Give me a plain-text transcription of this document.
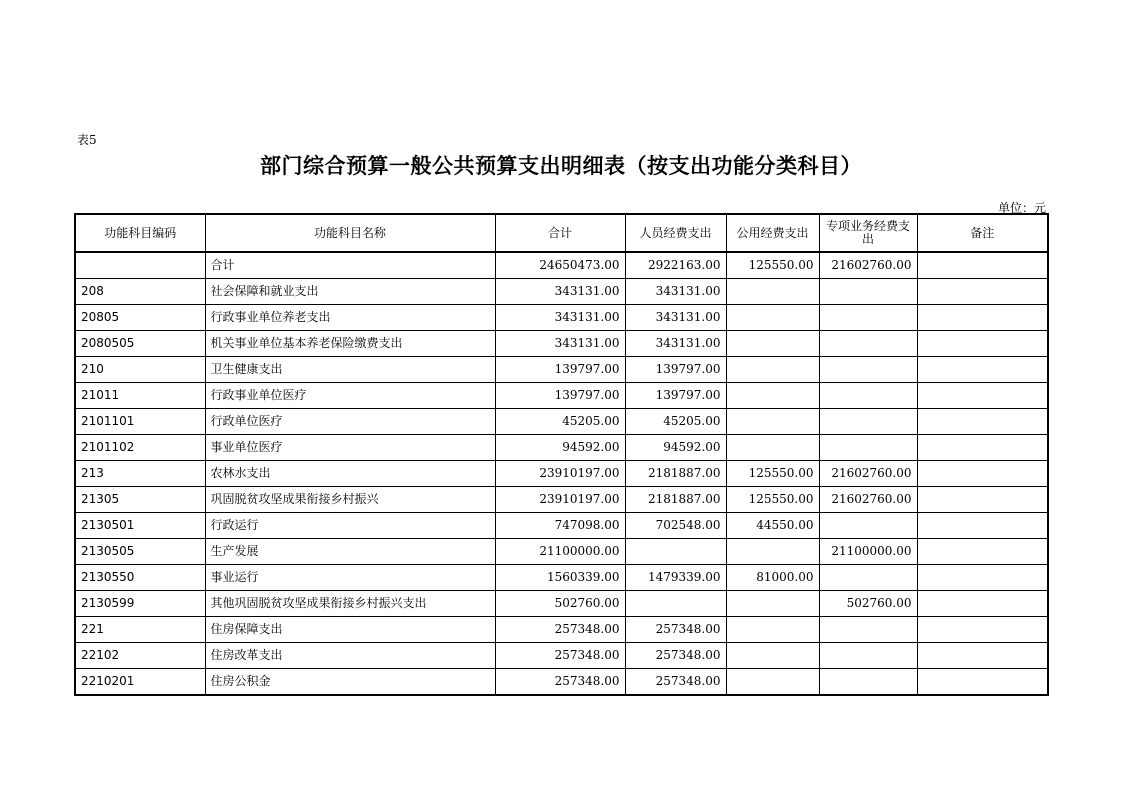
表5
部门综合预算一般公共预算支出明细表（按支出功能分类科目）
单位：元
功能科目编码	功能科目名称	合计	人员经费支出	公用经费支出	专项业务经费支出	备注
	合计	24650473.00	2922163.00	125550.00	21602760.00	
208	社会保障和就业支出	343131.00	343131.00			
20805	行政事业单位养老支出	343131.00	343131.00			
2080505	机关事业单位基本养老保险缴费支出	343131.00	343131.00			
210	卫生健康支出	139797.00	139797.00			
21011	行政事业单位医疗	139797.00	139797.00			
2101101	行政单位医疗	45205.00	45205.00			
2101102	事业单位医疗	94592.00	94592.00			
213	农林水支出	23910197.00	2181887.00	125550.00	21602760.00	
21305	巩固脱贫攻坚成果衔接乡村振兴	23910197.00	2181887.00	125550.00	21602760.00	
2130501	行政运行	747098.00	702548.00	44550.00		
2130505	生产发展	21100000.00			21100000.00	
2130550	事业运行	1560339.00	1479339.00	81000.00		
2130599	其他巩固脱贫攻坚成果衔接乡村振兴支出	502760.00			502760.00	
221	住房保障支出	257348.00	257348.00			
22102	住房改革支出	257348.00	257348.00			
2210201	住房公积金	257348.00	257348.00			
